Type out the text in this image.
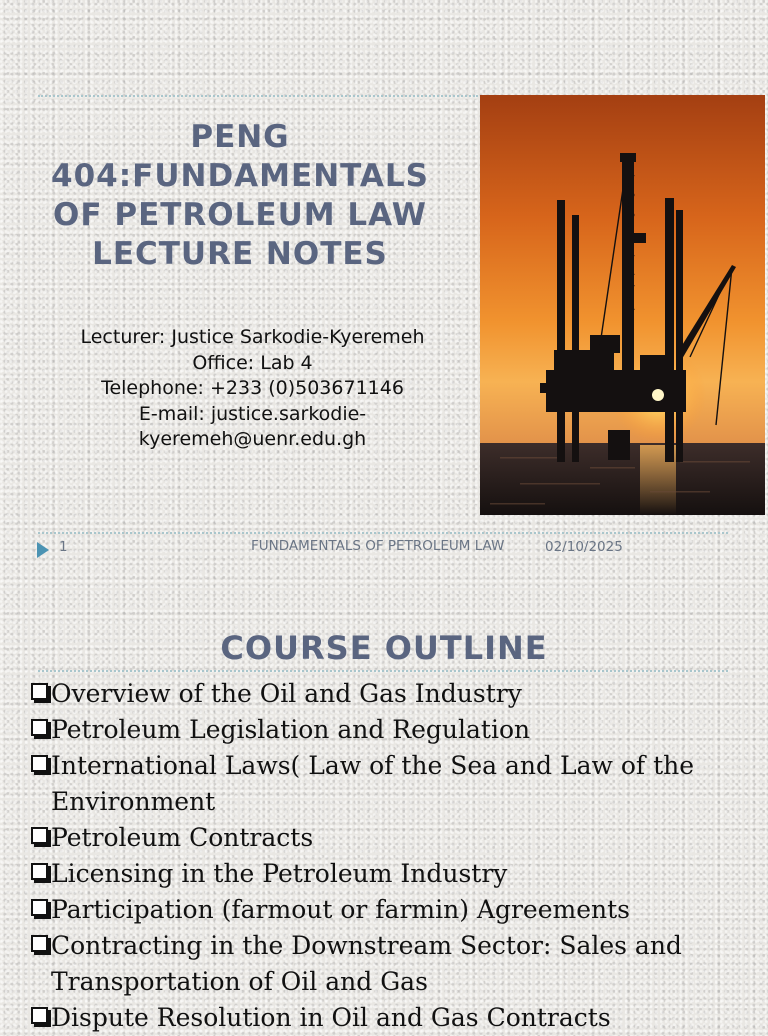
PENG 404:FUNDAMENTALS OF PETROLEUM LAW LECTURE NOTES
Lecturer: Justice Sarkodie-Kyeremeh
Office: Lab 4
Telephone: +233 (0)503671146
E-mail: justice.sarkodie-
kyeremeh@uenr.edu.gh
1	FUNDAMENTALS OF PETROLEUM LAW	02/10/2025
COURSE OUTLINE
Overview of the Oil and Gas Industry
Petroleum Legislation and Regulation
International Laws( Law of the Sea and Law of the Environment
Petroleum Contracts
Licensing in the Petroleum Industry
Participation (farmout or farmin) Agreements
Contracting in the Downstream Sector: Sales and Transportation of Oil and Gas
Dispute Resolution in Oil and Gas Contracts
